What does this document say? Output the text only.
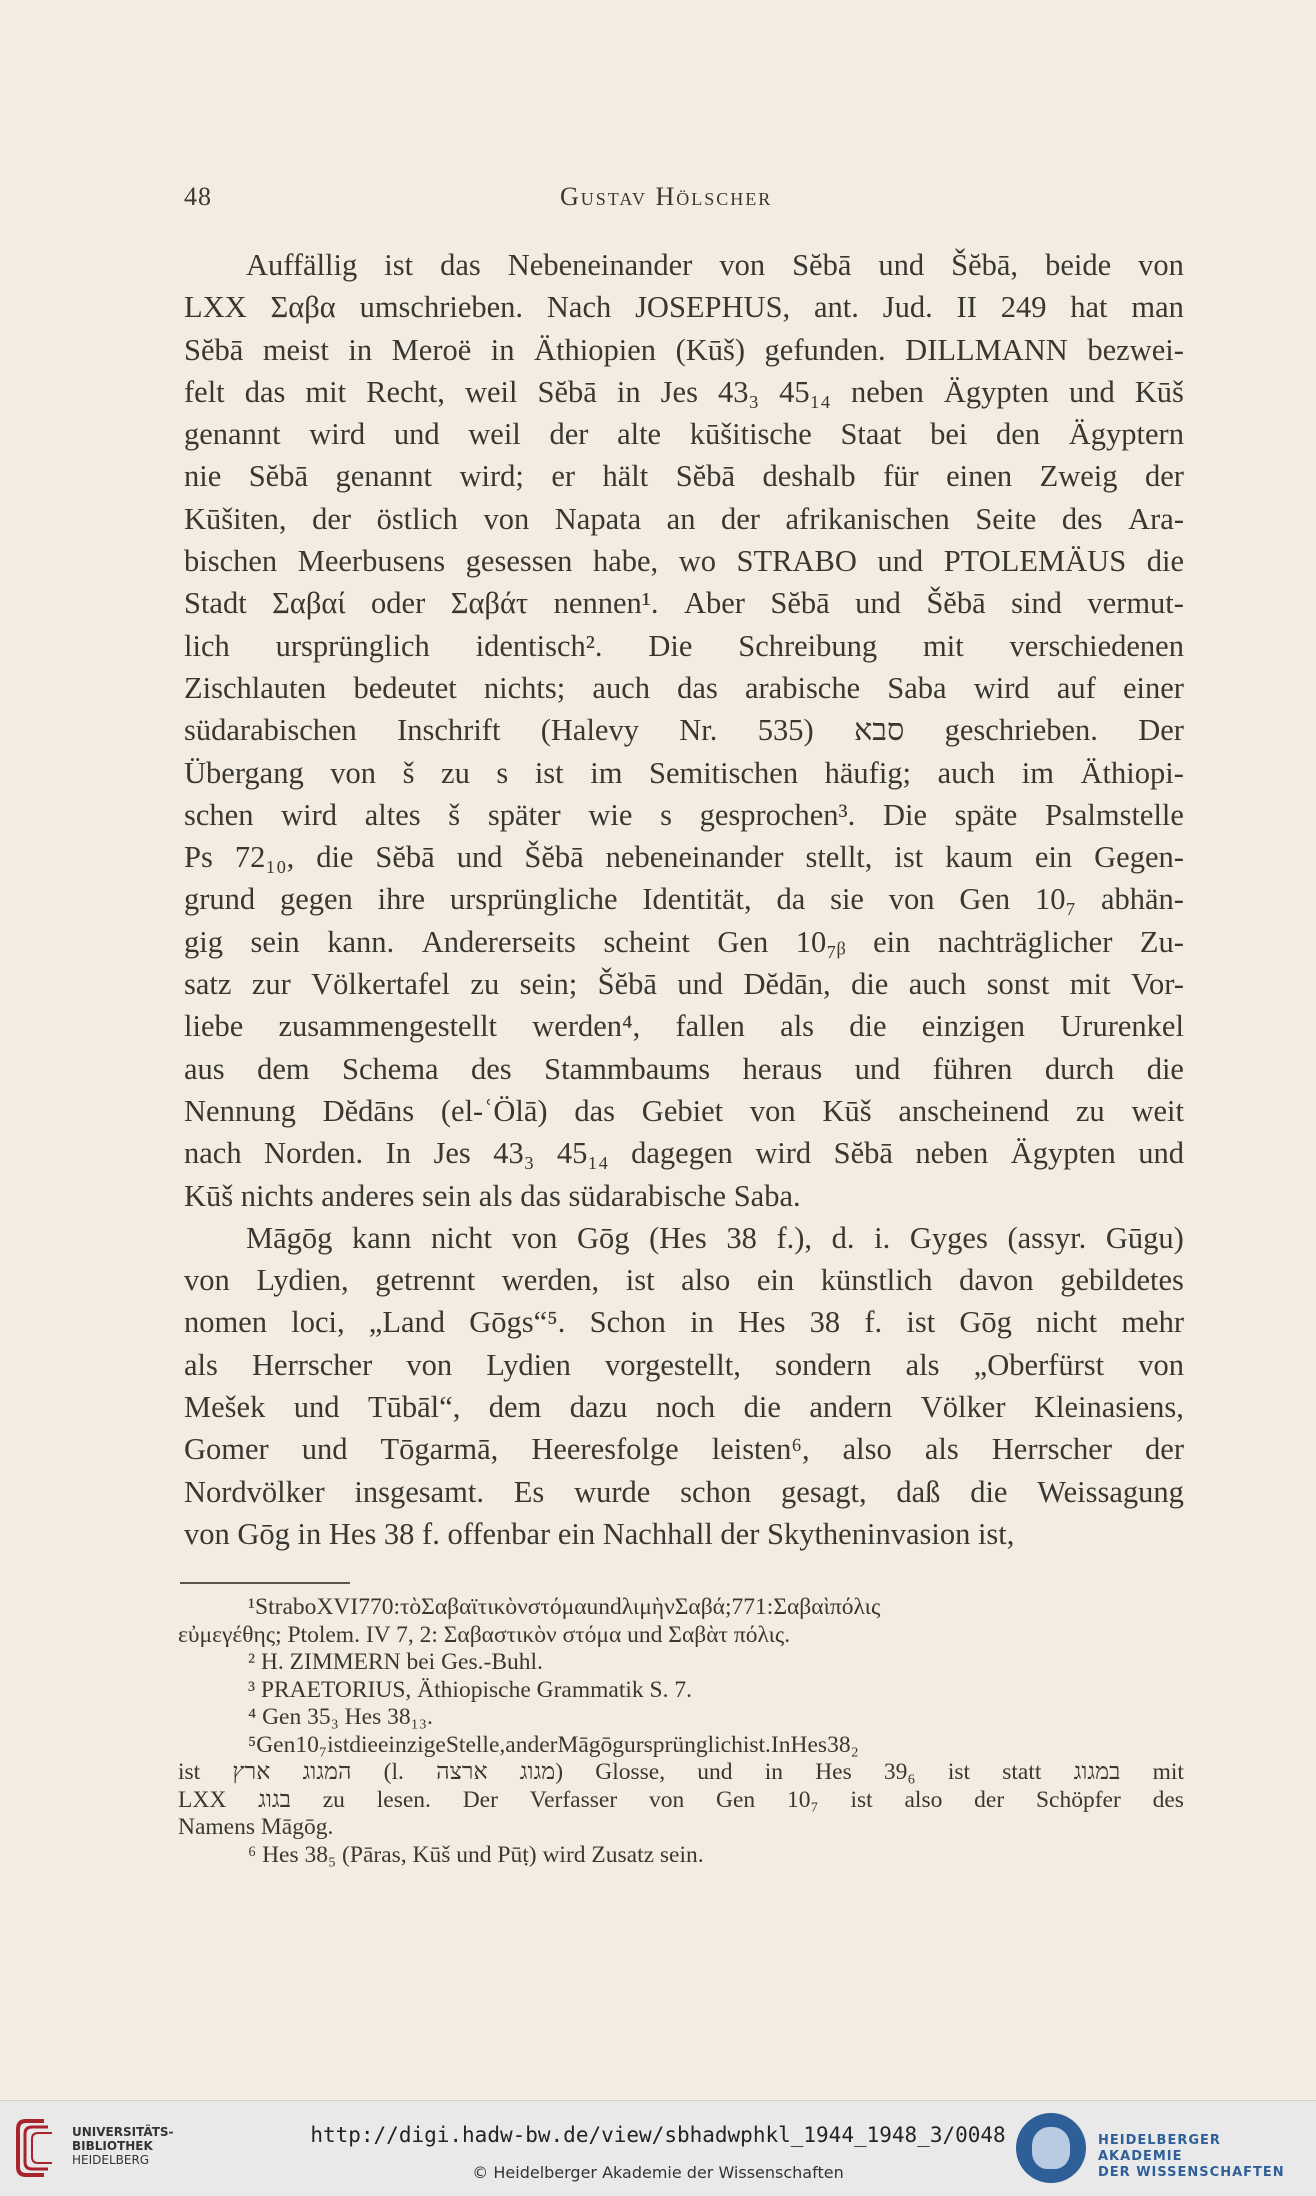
48	Gustav Hölscher
Auffällig ist das Nebeneinander von Sĕbā und Šĕbā, beide von
LXX Σαβα umschrieben. Nach JOSEPHUS, ant. Jud. II 249 hat man
Sĕbā meist in Meroë in Äthiopien (Kūš) gefunden. DILLMANN bezwei-
felt das mit Recht, weil Sĕbā in Jes 43₃ 45₁₄ neben Ägypten und Kūš
genannt wird und weil der alte kūšitische Staat bei den Ägyptern
nie Sĕbā genannt wird; er hält Sĕbā deshalb für einen Zweig der
Kūšiten, der östlich von Napata an der afrikanischen Seite des Ara-
bischen Meerbusens gesessen habe, wo STRABO und PTOLEMÄUS die
Stadt Σαβαί oder Σαβάτ nennen¹. Aber Sĕbā und Šĕbā sind vermut-
lich ursprünglich identisch². Die Schreibung mit verschiedenen
Zischlauten bedeutet nichts; auch das arabische Saba wird auf einer
südarabischen Inschrift (Halevy Nr. 535) סבא geschrieben. Der
Übergang von š zu s ist im Semitischen häufig; auch im Äthiopi-
schen wird altes š später wie s gesprochen³. Die späte Psalmstelle
Ps 72₁₀, die Sĕbā und Šĕbā nebeneinander stellt, ist kaum ein Gegen-
grund gegen ihre ursprüngliche Identität, da sie von Gen 10₇ abhän-
gig sein kann. Andererseits scheint Gen 10₇ᵦ ein nachträglicher Zu-
satz zur Völkertafel zu sein; Šĕbā und Dĕdān, die auch sonst mit Vor-
liebe zusammengestellt werden⁴, fallen als die einzigen Ururenkel
aus dem Schema des Stammbaums heraus und führen durch die
Nennung Dĕdāns (el-ʿÖlā) das Gebiet von Kūš anscheinend zu weit
nach Norden. In Jes 43₃ 45₁₄ dagegen wird Sĕbā neben Ägypten und
Kūš nichts anderes sein als das südarabische Saba.
Māgōg kann nicht von Gōg (Hes 38 f.), d. i. Gyges (assyr. Gūgu)
von Lydien, getrennt werden, ist also ein künstlich davon gebildetes
nomen loci, „Land Gōgs“⁵. Schon in Hes 38 f. ist Gōg nicht mehr
als Herrscher von Lydien vorgestellt, sondern als „Oberfürst von
Mešek und Tūbāl“, dem dazu noch die andern Völker Kleinasiens,
Gomer und Tōgarmā, Heeresfolge leisten⁶, also als Herrscher der
Nordvölker insgesamt. Es wurde schon gesagt, daß die Weissagung
von Gōg in Hes 38 f. offenbar ein Nachhall der Skytheninvasion ist,
¹ Strabo XVI 770: τὸ Σαβαϊτικὸν στόμα und λιμὴν Σαβά; 771: Σαβαὶ πόλις
εὐμεγέθης; Ptolem. IV 7, 2: Σαβαστικὸν στόμα und Σαβὰτ πόλις.
² H. ZIMMERN bei Ges.-Buhl.
³ PRAETORIUS, Äthiopische Grammatik S. 7.
⁴ Gen 35₃ Hes 38₁₃.
⁵ Gen 10₇ ist die einzige Stelle, an der Māgōg ursprünglich ist. In Hes 38₂
ist ארץ המגוג (l. ארצה מגוג) Glosse, und in Hes 39₆ ist statt במגוג mit
LXX בגוג zu lesen. Der Verfasser von Gen 10₇ ist also der Schöpfer des
Namens Māgōg.
⁶ Hes 38₅ (Pāras, Kūš und Pūṭ) wird Zusatz sein.
UNIVERSITÄTS-
BIBLIOTHEK
HEIDELBERG
http://digi.hadw-bw.de/view/sbhadwphkl_1944_1948_3/0048
© Heidelberger Akademie der Wissenschaften
HEIDELBERGER AKADEMIE
DER WISSENSCHAFTEN
